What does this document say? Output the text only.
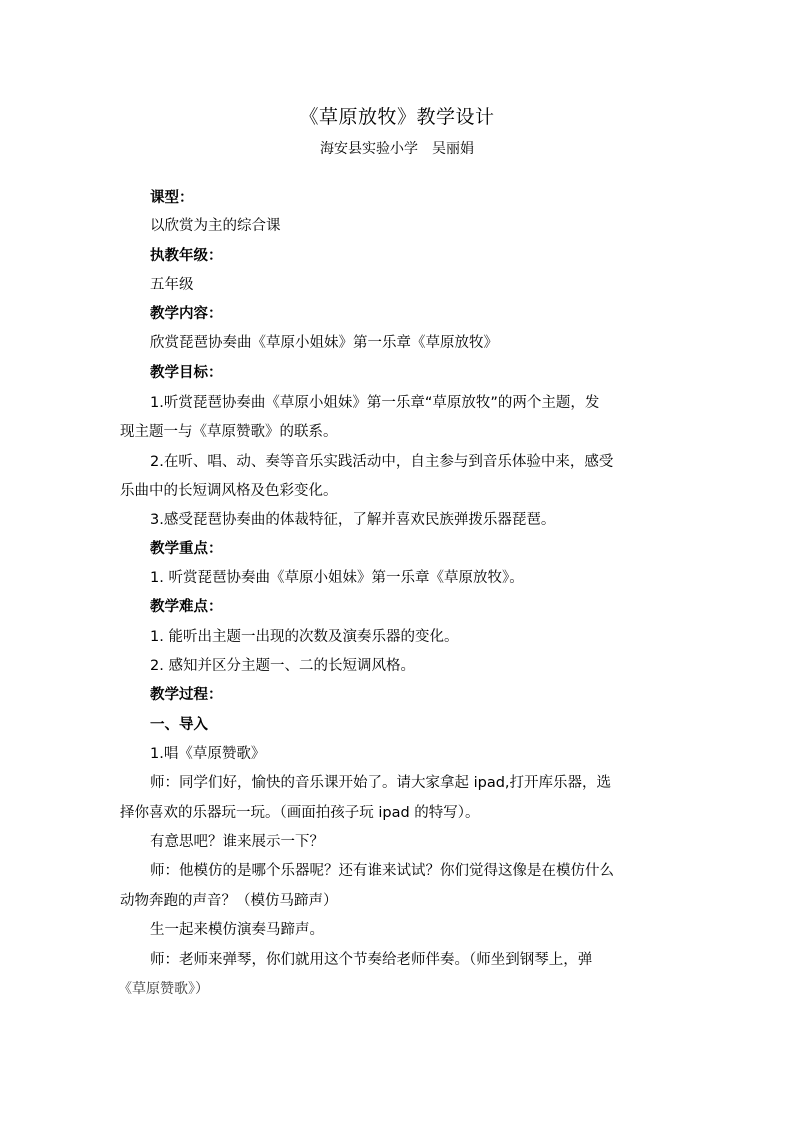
《草原放牧》教学设计
海安县实验小学　吴丽娟
课型：
以欣赏为主的综合课
执教年级：
五年级
教学内容：
欣赏琵琶协奏曲《草原小姐妹》第一乐章《草原放牧》
教学目标：
1.听赏琵琶协奏曲《草原小姐妹》第一乐章“草原放牧”的两个主题，发
现主题一与《草原赞歌》的联系。
2.在听、唱、动、奏等音乐实践活动中，自主参与到音乐体验中来，感受
乐曲中的长短调风格及色彩变化。
3.感受琵琶协奏曲的体裁特征，了解并喜欢民族弹拨乐器琵琶。
教学重点：
1. 听赏琵琶协奏曲《草原小姐妹》第一乐章《草原放牧》。
教学难点：
1. 能听出主题一出现的次数及演奏乐器的变化。
2. 感知并区分主题一、二的长短调风格。
教学过程：
一、导入
1.唱《草原赞歌》
师：同学们好，愉快的音乐课开始了。请大家拿起 ipad,打开库乐器，选
择你喜欢的乐器玩一玩。（画面拍孩子玩 ipad 的特写）。
有意思吧？谁来展示一下？
师：他模仿的是哪个乐器呢？还有谁来试试？你们觉得这像是在模仿什么
动物奔跑的声音？（模仿马蹄声）
生一起来模仿演奏马蹄声。
师：老师来弹琴，你们就用这个节奏给老师伴奏。（师坐到钢琴上，弹
《草原赞歌》）
